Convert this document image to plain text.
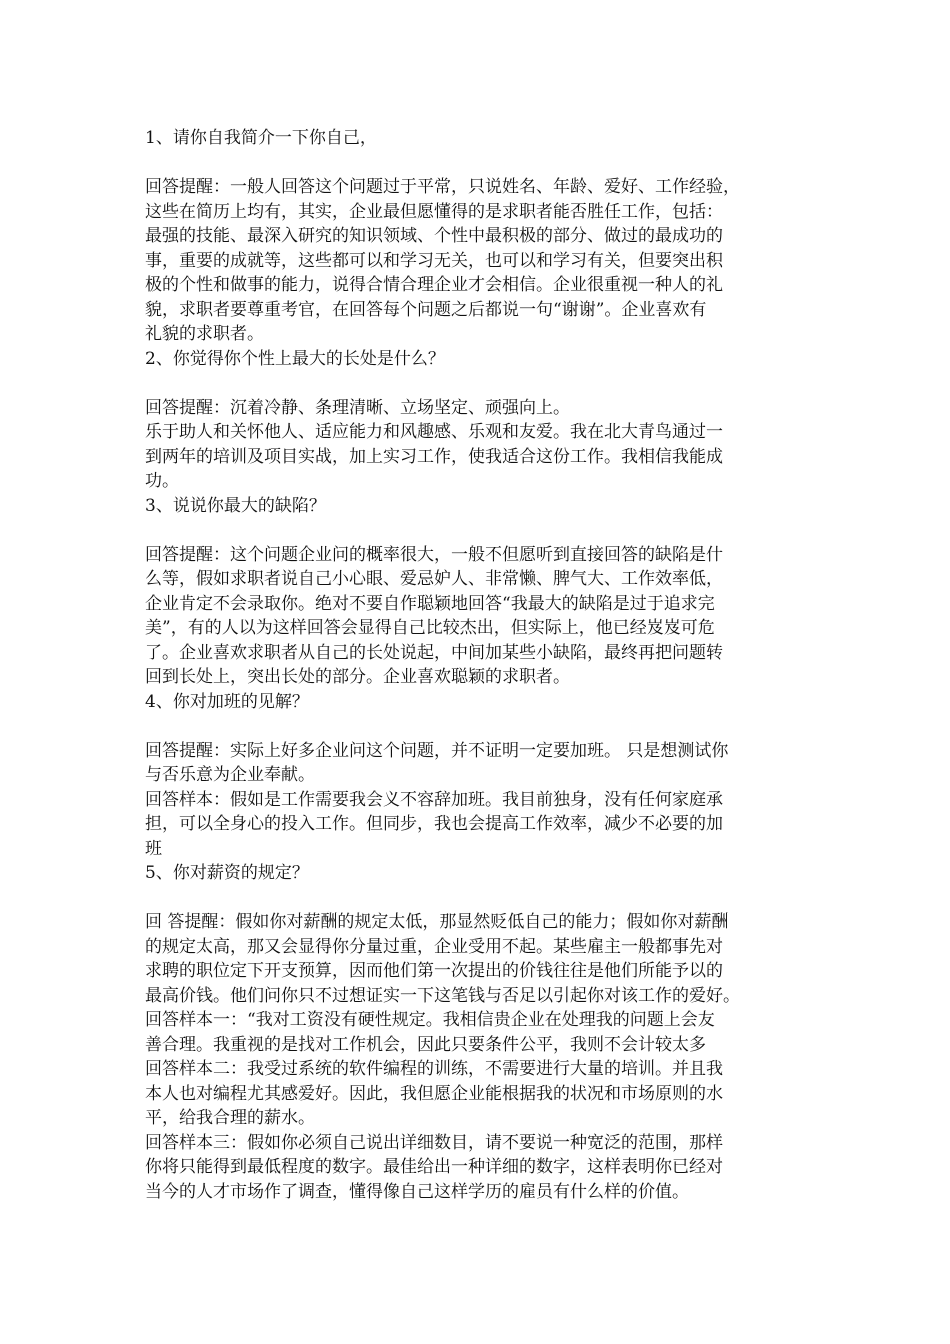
1、请你自我简介一下你自己，
回答提醒：一般人回答这个问题过于平常，只说姓名、年龄、爱好、工作经验，
这些在简历上均有，其实，企业最但愿懂得的是求职者能否胜任工作，包括：
最强的技能、最深入研究的知识领域、个性中最积极的部分、做过的最成功的
事，重要的成就等，这些都可以和学习无关，也可以和学习有关，但要突出积
极的个性和做事的能力，说得合情合理企业才会相信。企业很重视一种人的礼
貌，求职者要尊重考官，在回答每个问题之后都说一句“谢谢”。企业喜欢有
礼貌的求职者。
2、你觉得你个性上最大的长处是什么？
回答提醒：沉着冷静、条理清晰、立场坚定、顽强向上。
乐于助人和关怀他人、适应能力和风趣感、乐观和友爱。我在北大青鸟通过一
到两年的培训及项目实战，加上实习工作，使我适合这份工作。我相信我能成
功。
3、说说你最大的缺陷？
回答提醒：这个问题企业问的概率很大，一般不但愿听到直接回答的缺陷是什
么等，假如求职者说自己小心眼、爱忌妒人、非常懒、脾气大、工作效率低，
企业肯定不会录取你。绝对不要自作聪颖地回答“我最大的缺陷是过于追求完
美”，有的人以为这样回答会显得自己比较杰出，但实际上，他已经岌岌可危
了。企业喜欢求职者从自己的长处说起，中间加某些小缺陷，最终再把问题转
回到长处上，突出长处的部分。企业喜欢聪颖的求职者。
4、你对加班的见解？
回答提醒：实际上好多企业问这个问题，并不证明一定要加班。 只是想测试你
与否乐意为企业奉献。
回答样本：假如是工作需要我会义不容辞加班。我目前独身，没有任何家庭承
担，可以全身心的投入工作。但同步，我也会提高工作效率，减少不必要的加
班
5、你对薪资的规定？
回 答提醒：假如你对薪酬的规定太低，那显然贬低自己的能力；假如你对薪酬
的规定太高，那又会显得你分量过重，企业受用不起。某些雇主一般都事先对
求聘的职位定下开支预算，因而他们第一次提出的价钱往往是他们所能予以的
最高价钱。他们问你只不过想证实一下这笔钱与否足以引起你对该工作的爱好。
回答样本一：“我对工资没有硬性规定。我相信贵企业在处理我的问题上会友
善合理。我重视的是找对工作机会，因此只要条件公平，我则不会计较太多
回答样本二：我受过系统的软件编程的训练，不需要进行大量的培训。并且我
本人也对编程尤其感爱好。因此，我但愿企业能根据我的状况和市场原则的水
平，给我合理的薪水。
回答样本三：假如你必须自己说出详细数目，请不要说一种宽泛的范围，那样
你将只能得到最低程度的数字。最佳给出一种详细的数字，这样表明你已经对
当今的人才市场作了调查，懂得像自己这样学历的雇员有什么样的价值。
